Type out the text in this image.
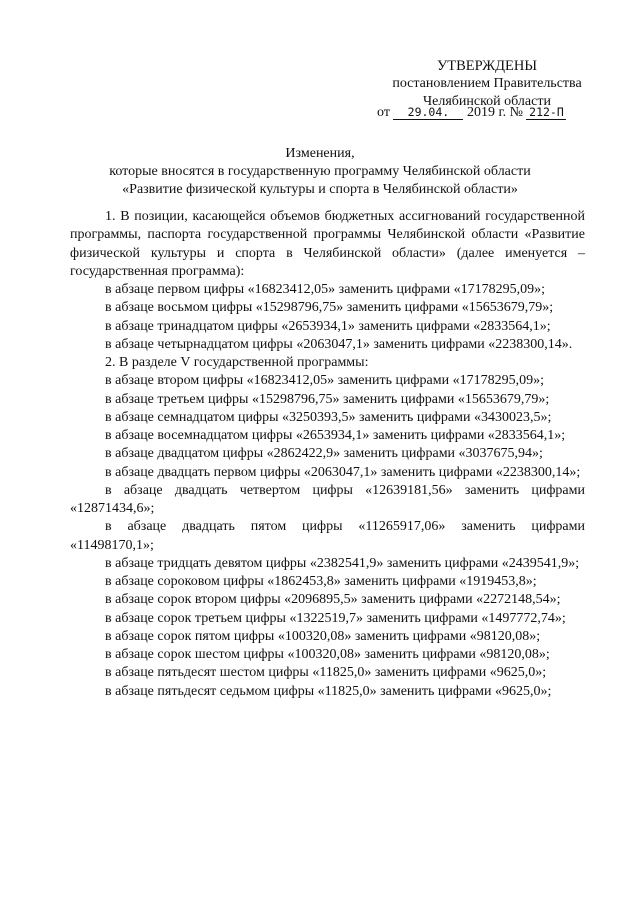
УТВЕРЖДЕНЫ
постановлением Правительства
Челябинской области
от 29.04. 2019 г. № 212-П
Изменения,
которые вносятся в государственную программу Челябинской области
«Развитие физической культуры и спорта в Челябинской области»

1. В позиции, касающейся объемов бюджетных ассигнований государственной программы, паспорта государственной программы Челябинской области «Развитие физической культуры и спорта в Челябинской области» (далее именуется – государственная программа):

в абзаце первом цифры «16823412,05» заменить цифрами «17178295,09»;

в абзаце восьмом цифры «15298796,75» заменить цифрами «15653679,79»;

в абзаце тринадцатом цифры «2653934,1» заменить цифрами «2833564,1»;

в абзаце четырнадцатом цифры «2063047,1» заменить цифрами «2238300,14».

2. В разделе V государственной программы:

в абзаце втором цифры «16823412,05» заменить цифрами «17178295,09»;

в абзаце третьем цифры «15298796,75» заменить цифрами «15653679,79»;

в абзаце семнадцатом цифры «3250393,5» заменить цифрами «3430023,5»;

в абзаце восемнадцатом цифры «2653934,1» заменить цифрами «2833564,1»;

в абзаце двадцатом цифры «2862422,9» заменить цифрами «3037675,94»;

в абзаце двадцать первом цифры «2063047,1» заменить цифрами «2238300,14»;

в абзаце двадцать четвертом цифры «12639181,56» заменить цифрами «12871434,6»;

в абзаце двадцать пятом цифры «11265917,06» заменить цифрами «11498170,1»;

в абзаце тридцать девятом цифры «2382541,9» заменить цифрами «2439541,9»;

в абзаце сороковом цифры «1862453,8» заменить цифрами «1919453,8»;

в абзаце сорок втором цифры «2096895,5» заменить цифрами «2272148,54»;

в абзаце сорок третьем цифры «1322519,7» заменить цифрами «1497772,74»;

в абзаце сорок пятом цифры «100320,08» заменить цифрами «98120,08»;

в абзаце сорок шестом цифры «100320,08» заменить цифрами «98120,08»;

в абзаце пятьдесят шестом цифры «11825,0» заменить цифрами «9625,0»;

в абзаце пятьдесят седьмом цифры «11825,0» заменить цифрами «9625,0»;
